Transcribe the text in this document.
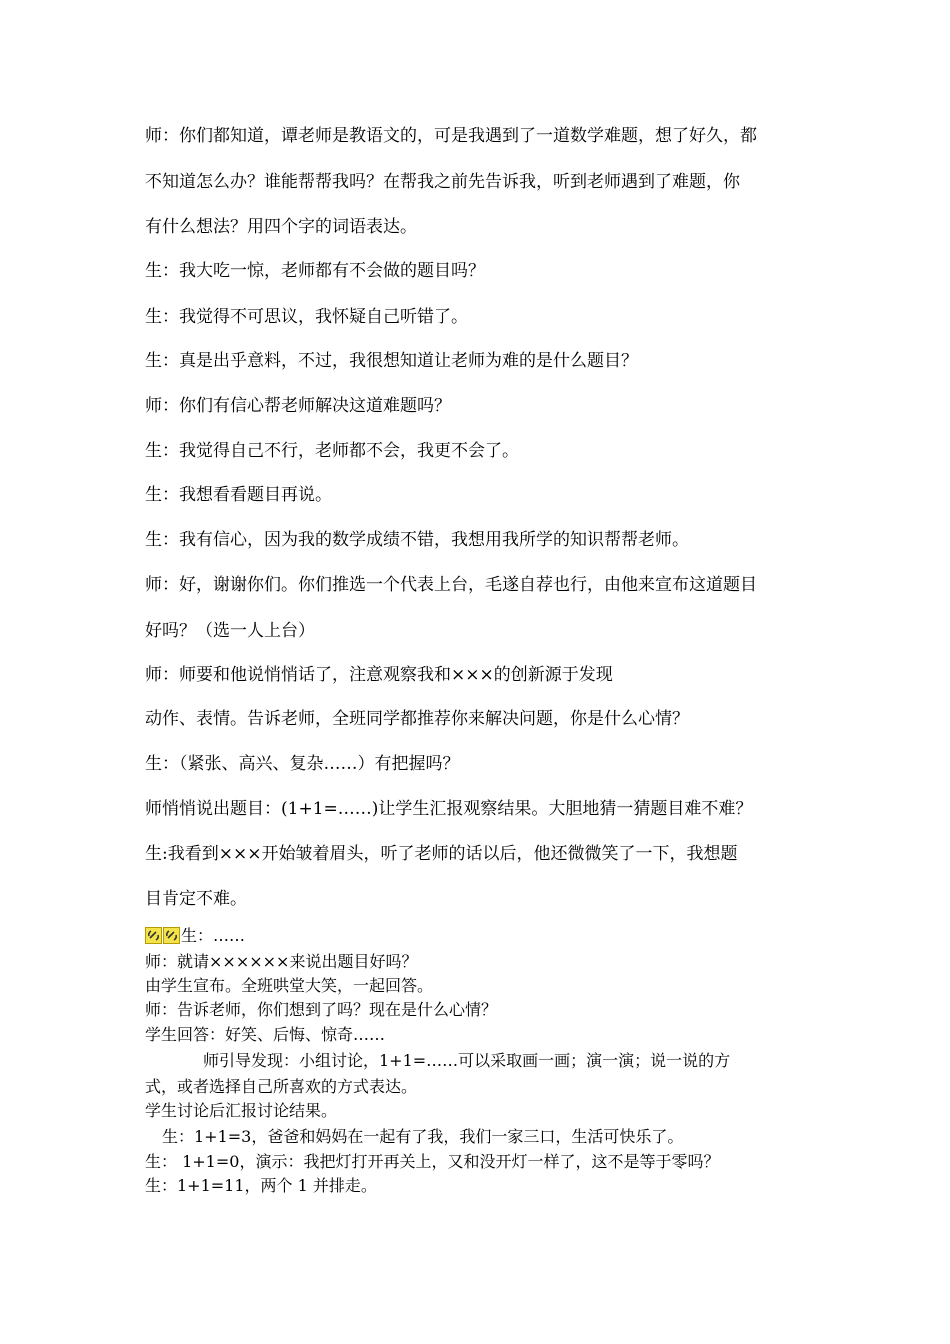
师：你们都知道，谭老师是教语文的，可是我遇到了一道数学难题，想了好久，都
不知道怎么办？谁能帮帮我吗？在帮我之前先告诉我，听到老师遇到了难题，你
有什么想法？用四个字的词语表达。
生：我大吃一惊，老师都有不会做的题目吗？
生：我觉得不可思议，我怀疑自己听错了。
生：真是出乎意料，不过，我很想知道让老师为难的是什么题目？
师：你们有信心帮老师解决这道难题吗？
生：我觉得自己不行，老师都不会，我更不会了。
生：我想看看题目再说。
生：我有信心，因为我的数学成绩不错，我想用我所学的知识帮帮老师。
师：好，谢谢你们。你们推选一个代表上台，毛遂自荐也行，由他来宣布这道题目
好吗？（选一人上台）
师：师要和他说悄悄话了，注意观察我和×××的创新源于发现
动作、表情。告诉老师，全班同学都推荐你来解决问题，你是什么心情？
生：（紧张、高兴、复杂……）有把握吗？
师悄悄说出题目：(1+1=……)让学生汇报观察结果。大胆地猜一猜题目难不难？
生:我看到×××开始皱着眉头，听了老师的话以后，他还微微笑了一下，我想题
目肯定不难。
生：……
师：就请××××××来说出题目好吗？
由学生宣布。全班哄堂大笑，一起回答。
师：告诉老师，你们想到了吗？现在是什么心情？
学生回答：好笑、后悔、惊奇……
师引导发现：小组讨论，1+1=……可以采取画一画；演一演；说一说的方
式，或者选择自己所喜欢的方式表达。
学生讨论后汇报讨论结果。
生：1+1=3，爸爸和妈妈在一起有了我，我们一家三口，生活可快乐了。
生： 1+1=0，演示：我把灯打开再关上，又和没开灯一样了，这不是等于零吗？
生：1+1=11，两个 1 并排走。
